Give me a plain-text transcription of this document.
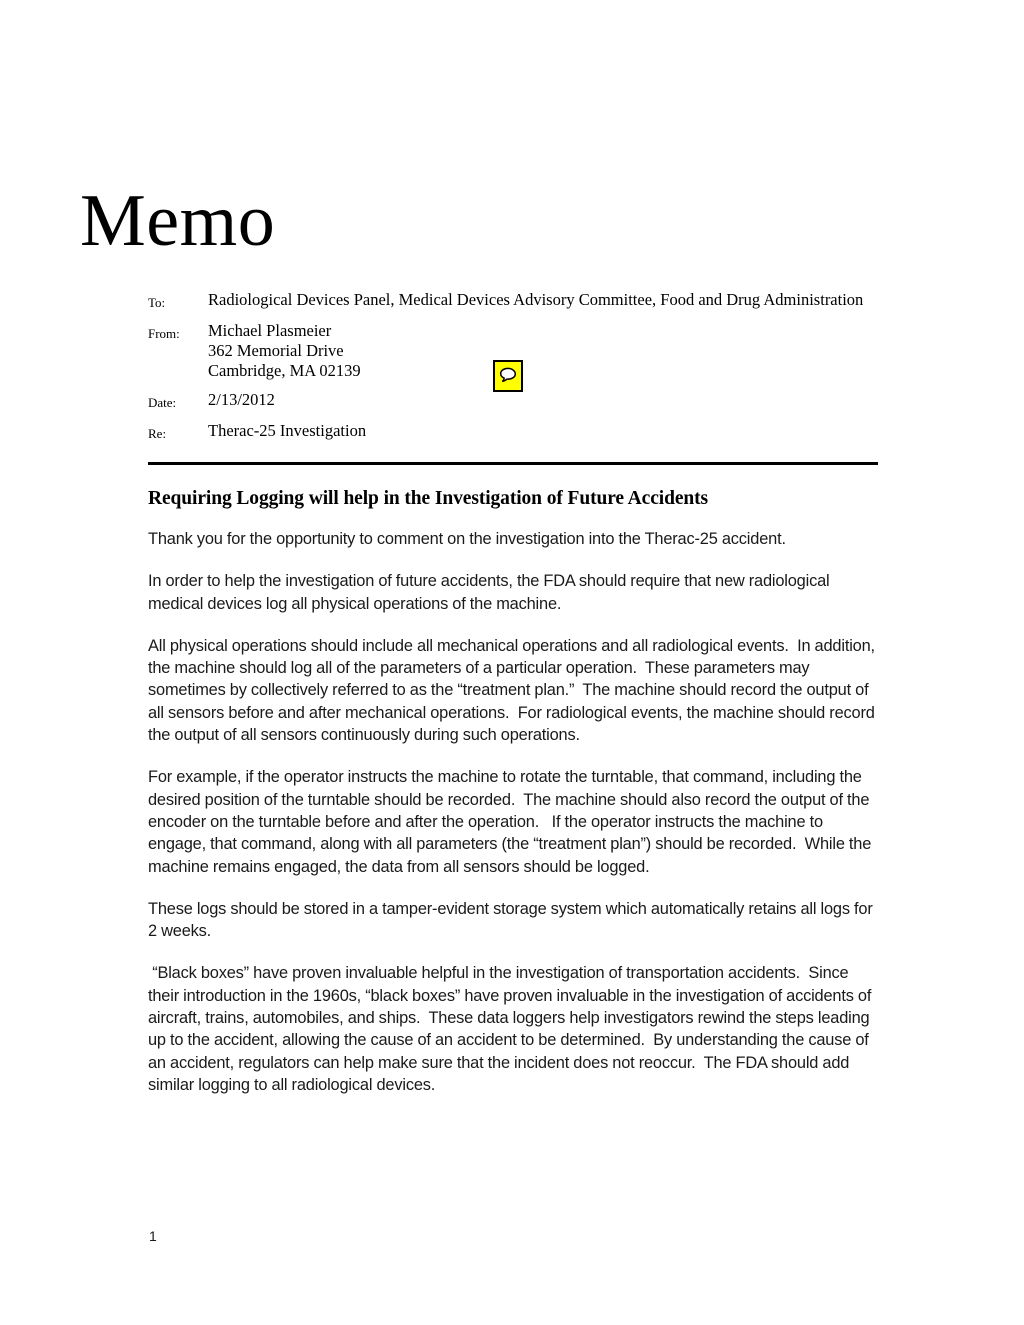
Memo
To:	Radiological Devices Panel, Medical Devices Advisory Committee, Food and Drug Administration
From:	Michael Plasmeier
362 Memorial Drive
Cambridge, MA 02139
Date:	2/13/2012
Re:	Therac-25 Investigation
Requiring Logging will help in the Investigation of Future Accidents

Thank you for the opportunity to comment on the investigation into the Therac-25 accident.

In order to help the investigation of future accidents, the FDA should require that new radiological medical devices log all physical operations of the machine.

All physical operations should include all mechanical operations and all radiological events.  In addition, the machine should log all of the parameters of a particular operation.  These parameters may sometimes by collectively referred to as the “treatment plan.”  The machine should record the output of all sensors before and after mechanical operations.  For radiological events, the machine should record the output of all sensors continuously during such operations.

For example, if the operator instructs the machine to rotate the turntable, that command, including the desired position of the turntable should be recorded.  The machine should also record the output of the encoder on the turntable before and after the operation.   If the operator instructs the machine to engage, that command, along with all parameters (the “treatment plan”) should be recorded.  While the machine remains engaged, the data from all sensors should be logged.

These logs should be stored in a tamper-evident storage system which automatically retains all logs for 2 weeks.

“Black boxes” have proven invaluable helpful in the investigation of transportation accidents.  Since their introduction in the 1960s, “black boxes” have proven invaluable in the investigation of accidents of aircraft, trains, automobiles, and ships.  These data loggers help investigators rewind the steps leading up to the accident, allowing the cause of an accident to be determined.  By understanding the cause of an accident, regulators can help make sure that the incident does not reoccur.  The FDA should add similar logging to all radiological devices.

1
